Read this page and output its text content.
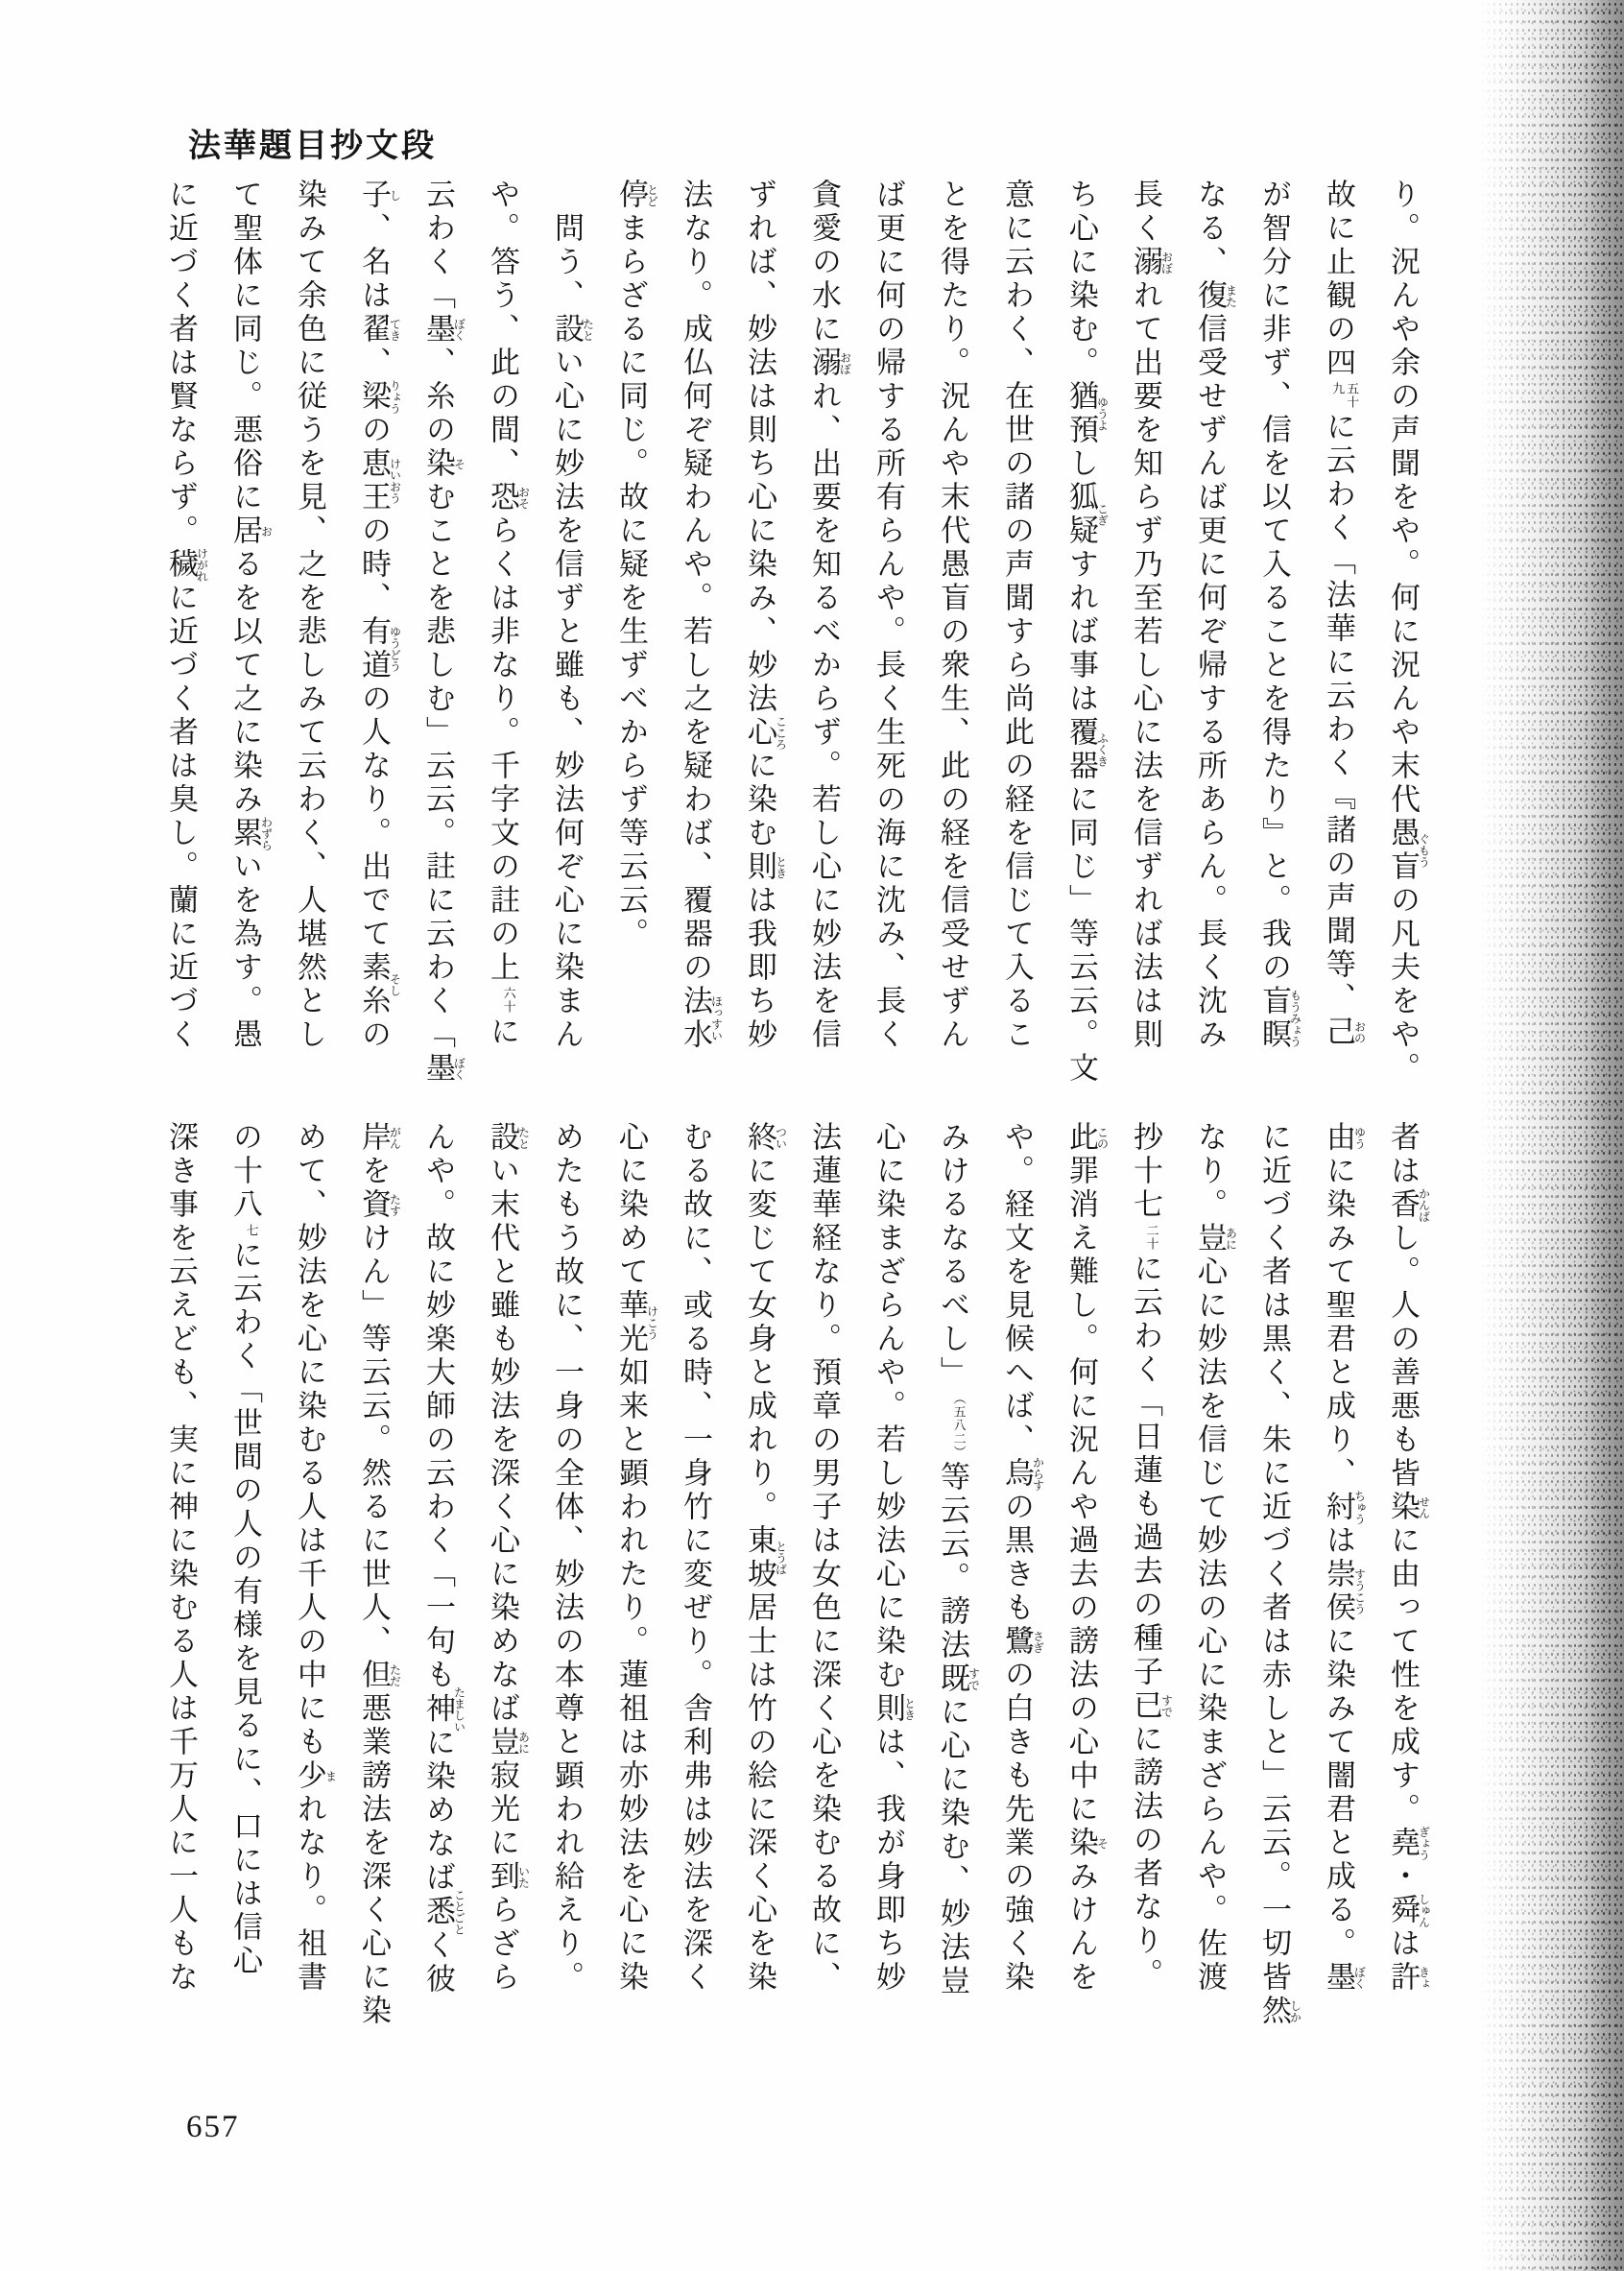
法華題目抄文段
り。況んや余の声聞をや。何に況んや末代愚盲ぐもうの凡夫をや。
故に止観の四
五十
九
に云わく「法華に云わく『諸の声聞等、己おの
が智分に非ず、信を以て入ることを得たり』と。我の盲瞑もうみょう
なる、復また信受せずんば更に何ぞ帰する所あらん。長く沈み
長く溺おぼれて出要を知らず乃至若し心に法を信ずれば法は則
ち心に染む。猶預ゆうよし狐疑こぎすれば事は覆器ふくきに同じ」等云云。文
意に云わく、在世の諸の声聞すら尚此の経を信じて入るこ
とを得たり。況んや末代愚盲の衆生、此の経を信受せずん
ば更に何の帰する所有らんや。長く生死の海に沈み、長く
貪愛の水に溺おぼれ、出要を知るべからず。若し心に妙法を信
ずれば、妙法は則ち心に染み、妙法心こころに染む則ときは我即ち妙
法なり。成仏何ぞ疑わんや。若し之を疑わば、覆器の法水ほっすい
停とどまらざるに同じ。故に疑を生ずべからず等云云。
　問う、設たとい心に妙法を信ずと雖も、妙法何ぞ心に染まん
や。答う、此の間、恐おそらくは非なり。千字文の註の上
六十
に
云わく「墨ぼく、糸の染そむことを悲しむ」云云。註に云わく「墨ぼく
子し、名は翟てき、梁りょうの恵王けいおうの時、有道ゆうどうの人なり。出でて素糸そしの
染みて余色に従うを見、之を悲しみて云わく、人堪然とし
て聖体に同じ。悪俗に居おるを以て之に染み累わずらいを為す。愚
に近づく者は賢ならず。穢けがれに近づく者は臭し。蘭に近づく
者は香かんばし。人の善悪も皆染せんに由って性を成す。堯ぎょう・舜しゅんは許きょ
由ゆうに染みて聖君と成り、紂ちゅうは崇侯すうこうに染みて闇君と成る。墨ぼく
に近づく者は黒く、朱に近づく者は赤しと」云云。一切皆然しか
なり。豈あに心に妙法を信じて妙法の心に染まざらんや。佐渡
抄十七
二十
に云わく「日蓮も過去の種子已すでに謗法の者なり。
此この罪消え難し。何に況んや過去の謗法の心中に染そみけんを
や。経文を見候へば、烏からすの黒きも鷺さぎの白きも先業の強く染
みけるなるべし」
（五八二）
等云云。謗法既すでに心に染む、妙法豈
心に染まざらんや。若し妙法心に染む則ときは、我が身即ち妙
法蓮華経なり。預章の男子は女色に深く心を染むる故に、
終ついに変じて女身と成れり。東坡とうば居士は竹の絵に深く心を染
むる故に、或る時、一身竹に変ぜり。舎利弗は妙法を深く
心に染めて華光けこう如来と顕われたり。蓮祖は亦妙法を心に染
めたもう故に、一身の全体、妙法の本尊と顕われ給えり。
設たとい末代と雖も妙法を深く心に染めなば豈あに寂光に到いたらざら
んや。故に妙楽大師の云わく「一句も神たましいに染めなば悉ことごとく彼
岸がんを資たすけん」等云云。然るに世人、但ただ悪業謗法を深く心に染
めて、妙法を心に染むる人は千人の中にも少まれなり。祖書
の十八
七
に云わく「世間の人の有様を見るに、口には信心
深き事を云えども、実に神に染むる人は千万人に一人もな
657
